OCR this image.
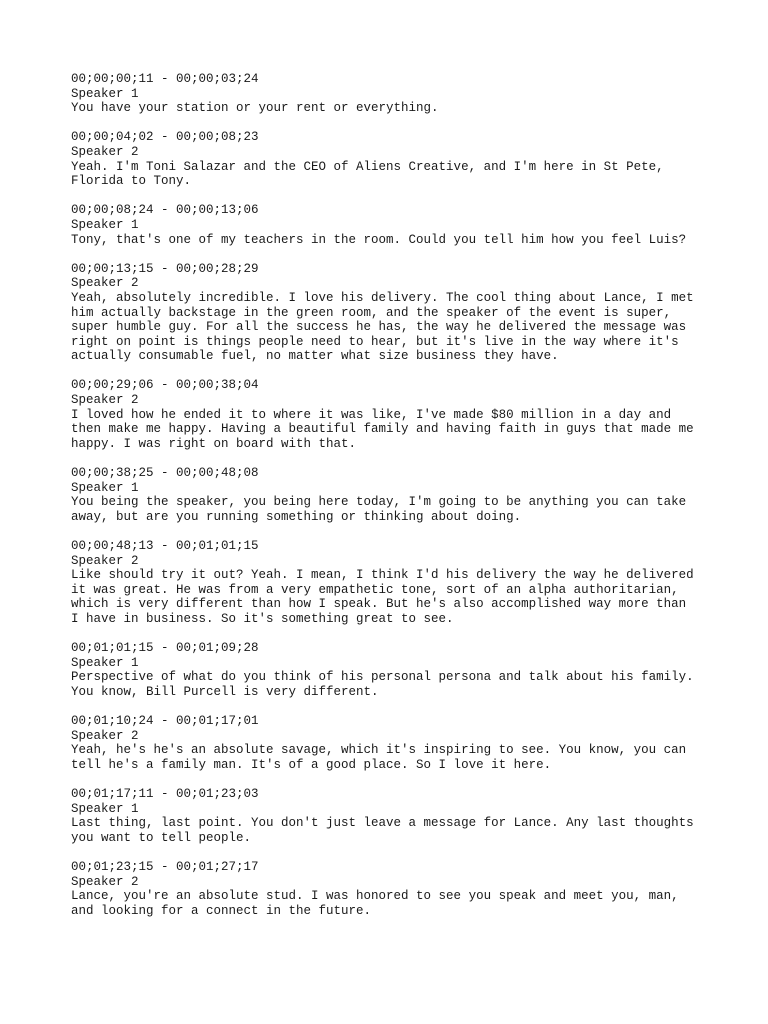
00;00;00;11 - 00;00;03;24
Speaker 1
You have your station or your rent or everything.
00;00;04;02 - 00;00;08;23
Speaker 2
Yeah. I'm Toni Salazar and the CEO of Aliens Creative, and I'm here in St Pete,
Florida to Tony.
00;00;08;24 - 00;00;13;06
Speaker 1
Tony, that's one of my teachers in the room. Could you tell him how you feel Luis?
00;00;13;15 - 00;00;28;29
Speaker 2
Yeah, absolutely incredible. I love his delivery. The cool thing about Lance, I met
him actually backstage in the green room, and the speaker of the event is super,
super humble guy. For all the success he has, the way he delivered the message was
right on point is things people need to hear, but it's live in the way where it's
actually consumable fuel, no matter what size business they have.
00;00;29;06 - 00;00;38;04
Speaker 2
I loved how he ended it to where it was like, I've made $80 million in a day and
then make me happy. Having a beautiful family and having faith in guys that made me
happy. I was right on board with that.
00;00;38;25 - 00;00;48;08
Speaker 1
You being the speaker, you being here today, I'm going to be anything you can take
away, but are you running something or thinking about doing.
00;00;48;13 - 00;01;01;15
Speaker 2
Like should try it out? Yeah. I mean, I think I'd his delivery the way he delivered
it was great. He was from a very empathetic tone, sort of an alpha authoritarian,
which is very different than how I speak. But he's also accomplished way more than
I have in business. So it's something great to see.
00;01;01;15 - 00;01;09;28
Speaker 1
Perspective of what do you think of his personal persona and talk about his family.
You know, Bill Purcell is very different.
00;01;10;24 - 00;01;17;01
Speaker 2
Yeah, he's he's an absolute savage, which it's inspiring to see. You know, you can
tell he's a family man. It's of a good place. So I love it here.
00;01;17;11 - 00;01;23;03
Speaker 1
Last thing, last point. You don't just leave a message for Lance. Any last thoughts
you want to tell people.
00;01;23;15 - 00;01;27;17
Speaker 2
Lance, you're an absolute stud. I was honored to see you speak and meet you, man,
and looking for a connect in the future.
